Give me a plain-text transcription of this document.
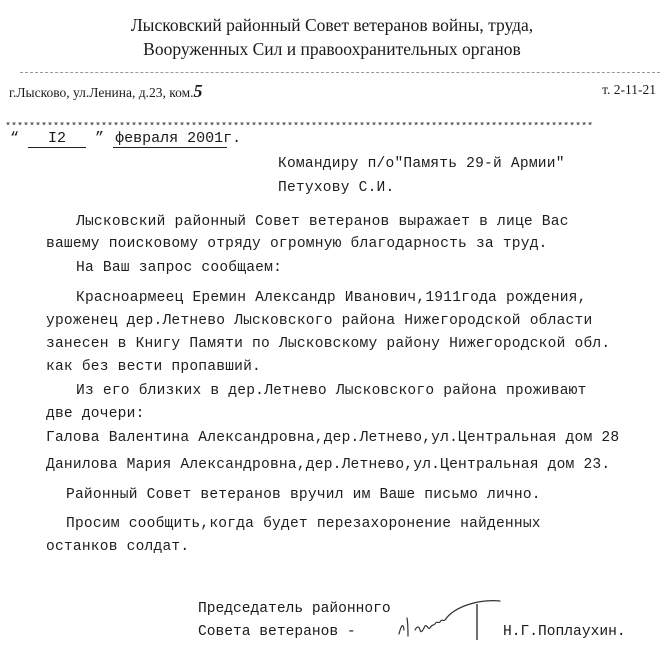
Лысковский районный Совет ветеранов войны, труда,
Вооруженных Сил и правоохранительных органов
г.Лысково, ул.Ленина, д.23, ком.5	т. 2-11-21
**************************************************************************************************
“ I2 ” февраля 2001г.
Командиру п/о"Память 29-й Армии"
Петухову С.И.
Лысковский районный Совет ветеранов выражает в лице Вас
вашему поисковому отряду огромную благодарность за труд.
На Ваш запрос сообщаем:
Красноармеец Еремин Александр Иванович,1911года рождения,
уроженец дер.Летнево Лысковского района Нижегородской области
занесен в Книгу Памяти по Лысковскому району Нижегородской обл.
как без вести пропавший.
Из его близких в дер.Летнево Лысковского района проживают
две дочери:
Галова Валентина Александровна,дер.Летнево,ул.Центральная дом 28
Данилова Мария Александровна,дер.Летнево,ул.Центральная дом 23.
Районный Совет ветеранов вручил им Ваше письмо лично.
Просим сообщить,когда будет перезахоронение найденных
останков солдат.
Председатель районного
Совета ветеранов -	Н.Г.Поплаухин.
